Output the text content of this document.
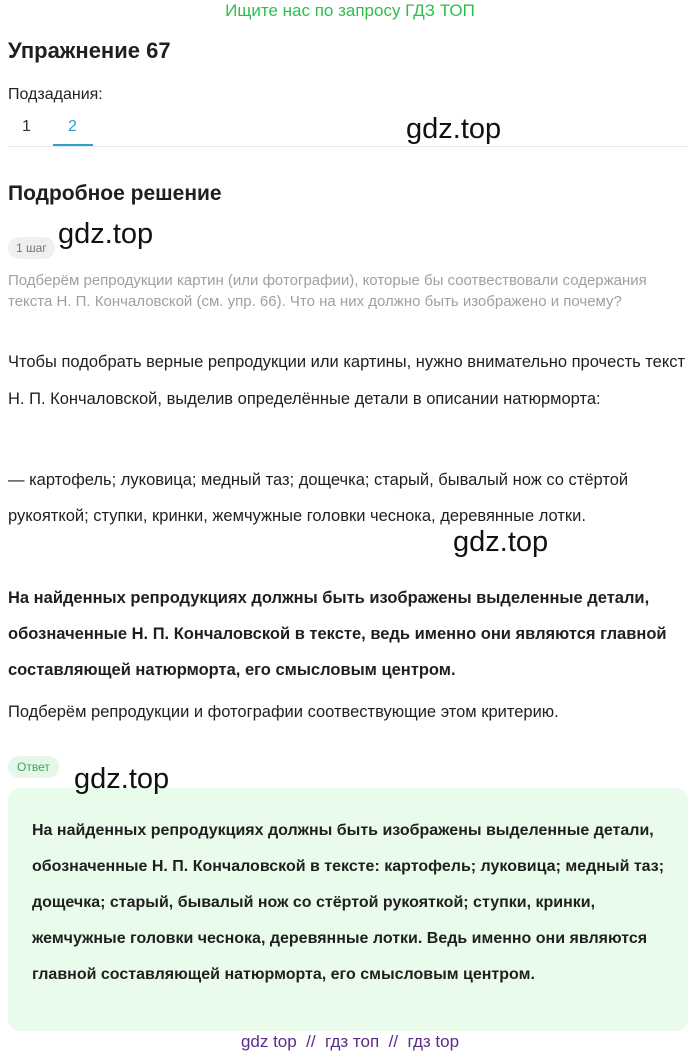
Ищите нас по запросу ГДЗ ТОП
Упражнение 67
Подзадания:
1 2	gdz.top
Подробное решение
1 шаг gdz.top
Подберём репродукции картин (или фотографии), которые бы соотвествовали содержания текста Н. П. Кончаловской (см. упр. 66). Что на них должно быть изображено и почему?
Чтобы подобрать верные репродукции или картины, нужно внимательно прочесть текст Н. П. Кончаловской, выделив определённые детали в описании натюрморта:
— картофель; луковица; медный таз; дощечка; старый, бывалый нож со стёртой рукояткой; ступки, кринки, жемчужные головки чеснока, деревянные лотки.
gdz.top
На найденных репродукциях должны быть изображены выделенные детали, обозначенные Н. П. Кончаловской в тексте, ведь именно они являются главной составляющей натюрморта, его смысловым центром.
Подберём репродукции и фотографии соотвествующие этом критерию.
Ответ
На найденных репродукциях должны быть изображены выделенные детали, обозначенные Н. П. Кончаловской в тексте: картофель; луковица; медный таз; дощечка; старый, бывалый нож со стёртой рукояткой; ступки, кринки, жемчужные головки чеснока, деревянные лотки. Ведь именно они являются главной составляющей натюрморта, его смысловым центром.
gdz.top
gdz top  //  гдз топ  //  гдз top
